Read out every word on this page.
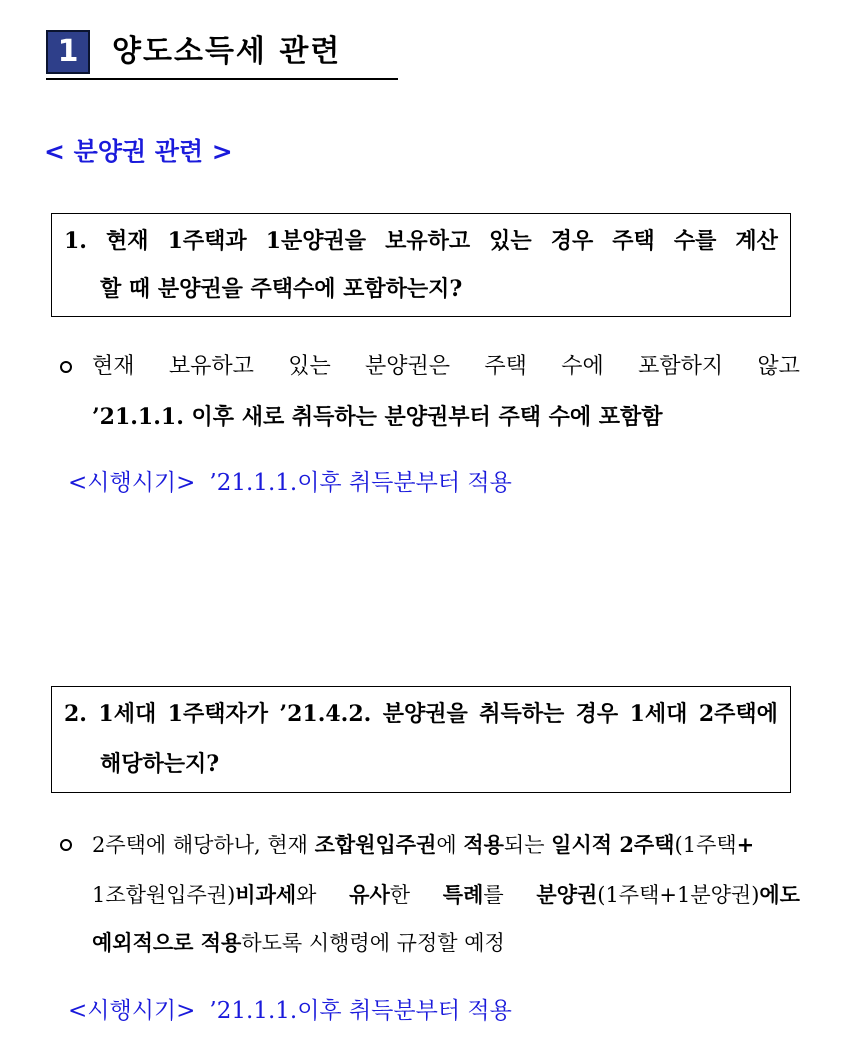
1	양도소득세 관련
< 분양권 관련 >
1. 현재 1주택과 1분양권을 보유하고 있는 경우 주택 수를 계산
할 때 분양권을 주택수에 포함하는지?
현재 보유하고 있는 분양권은 주택 수에 포함하지 않고
’21.1.1. 이후 새로 취득하는 분양권부터 주택 수에 포함함
<시행시기> ’21.1.1.이후 취득분부터 적용
2. 1세대 1주택자가 ’21.4.2. 분양권을 취득하는 경우 1세대 2주택에
해당하는지?
2주택에 해당하나, 현재 조합원입주권에 적용되는 일시적 2주택(1주택+
1조합원입주권)비과세와 유사한 특례를 분양권(1주택+1분양권)에도
예외적으로 적용하도록 시행령에 규정할 예정
<시행시기> ’21.1.1.이후 취득분부터 적용
